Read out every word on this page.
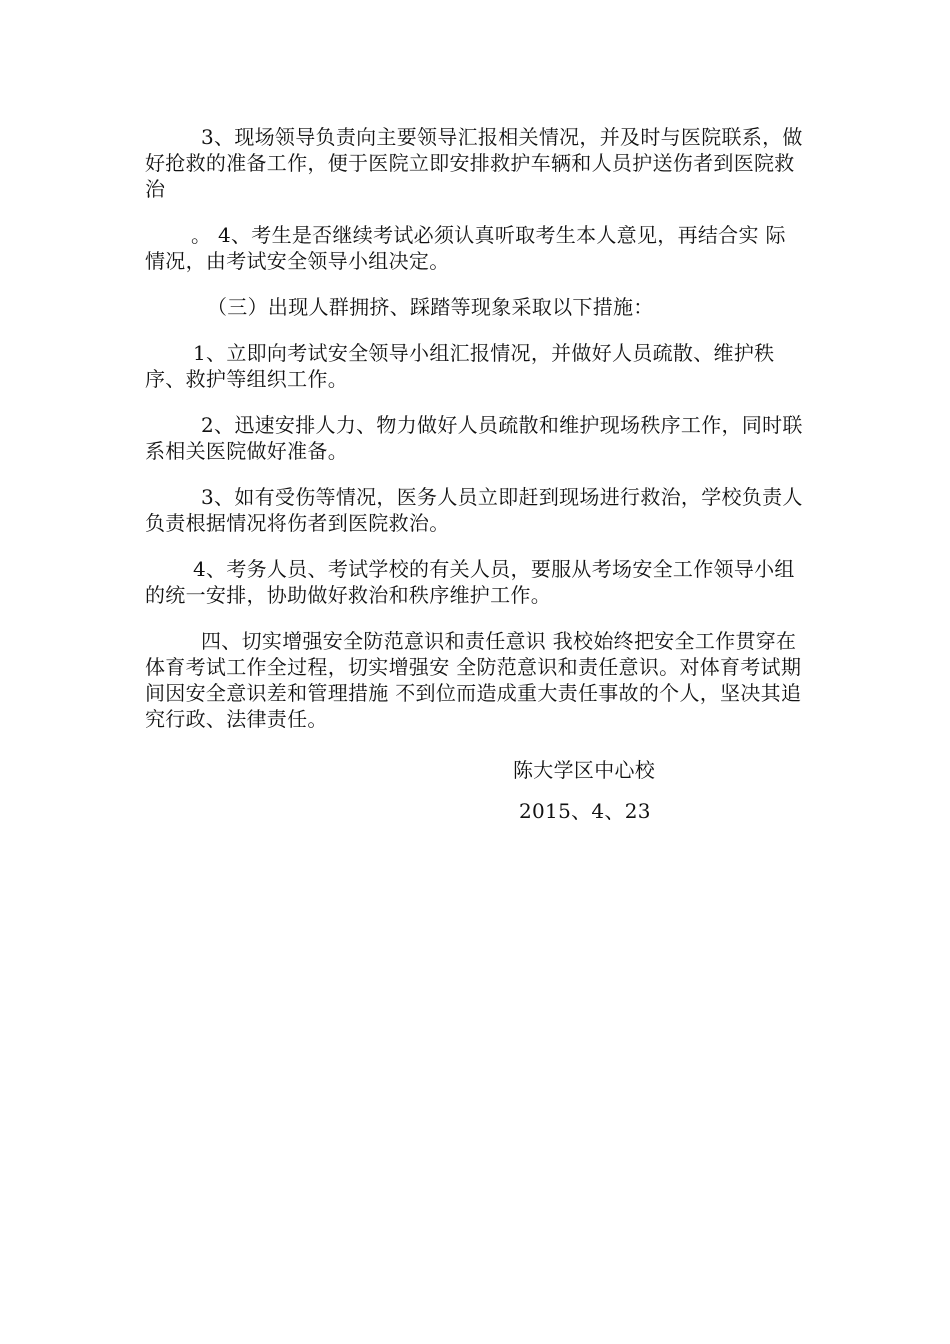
3、现场领导负责向主要领导汇报相关情况，并及时与医院联系，做好抢救的准备工作，便于医院立即安排救护车辆和人员护送伤者到医院救治

。 4、考生是否继续考试必须认真听取考生本人意见，再结合实 际情况，由考试安全领导小组决定。

（三）出现人群拥挤、踩踏等现象采取以下措施：

1、立即向考试安全领导小组汇报情况，并做好人员疏散、维护秩序、救护等组织工作。

2、迅速安排人力、物力做好人员疏散和维护现场秩序工作，同时联系相关医院做好准备。

3、如有受伤等情况，医务人员立即赶到现场进行救治，学校负责人负责根据情况将伤者到医院救治。

4、考务人员、考试学校的有关人员，要服从考场安全工作领导小组的统一安排，协助做好救治和秩序维护工作。

四、切实增强安全防范意识和责任意识 我校始终把安全工作贯穿在体育考试工作全过程，切实增强安 全防范意识和责任意识。对体育考试期间因安全意识差和管理措施 不到位而造成重大责任事故的个人，坚决其追究行政、法律责任。

陈大学区中心校
2015、4、23
